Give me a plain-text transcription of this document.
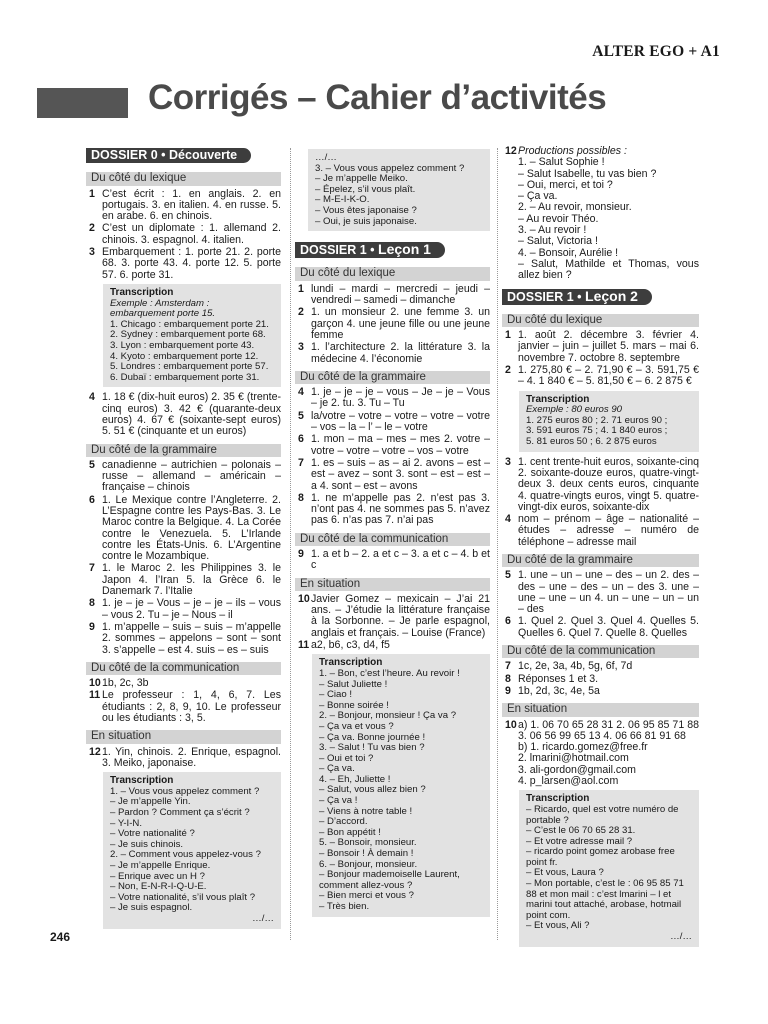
ALTER EGO + A1
Corrigés – Cahier d’activités
DOSSIER 0 • Découverte
Du côté du lexique
1 C’est écrit : 1. en anglais. 2. en portugais. 3. en italien. 4. en russe. 5. en arabe. 6. en chinois.
2 C’est un diplomate : 1. allemand 2. chinois. 3. espagnol. 4. italien.
3 Embarquement : 1. porte 21. 2. porte 68. 3. porte 43. 4. porte 12. 5. porte 57. 6. porte 31.
Transcription
Exemple : Amsterdam : embarquement porte 15.
1. Chicago : embarquement porte 21.
2. Sydney : embarquement porte 68.
3. Lyon : embarquement porte 43.
4. Kyoto : embarquement porte 12.
5. Londres : embarquement porte 57.
6. Dubaï : embarquement porte 31.
4 1. 18 € (dix-huit euros) 2. 35 € (trente-cinq euros) 3. 42 € (quarante-deux euros) 4. 67 € (soixante-sept euros) 5. 51 € (cinquante et un euros)
Du côté de la grammaire
5 canadienne – autrichien – polonais – russe – allemand – américain – française – chinois
6 1. Le Mexique contre l’Angleterre. 2. L’Espagne contre les Pays-Bas. 3. Le Maroc contre la Belgique. 4. La Corée contre le Venezuela. 5. L’Irlande contre les États-Unis. 6. L’Argentine contre le Mozambique.
7 1. le Maroc 2. les Philippines 3. le Japon 4. l’Iran 5. la Grèce 6. le Danemark 7. l’Italie
8 1. je – je – Vous – je – je – ils – vous – vous 2. Tu – je – Nous – il
9 1. m’appelle – suis – suis – m’appelle 2. sommes – appelons – sont – sont 3. s’appelle – est 4. suis – es – suis
Du côté de la communication
10 1b, 2c, 3b
11 Le professeur : 1, 4, 6, 7. Les étudiants : 2, 8, 9, 10. Le professeur ou les étudiants : 3, 5.
En situation
12 1. Yin, chinois. 2. Enrique, espagnol. 3. Meiko, japonaise.
Transcription
1. – Vous vous appelez comment ?
– Je m’appelle Yin.
– Pardon ? Comment ça s’écrit ?
– Y-I-N.
– Votre nationalité ?
– Je suis chinois.
2. – Comment vous appelez-vous ?
– Je m’appelle Enrique.
– Enrique avec un H ?
– Non, E-N-R-I-Q-U-E.
– Votre nationalité, s’il vous plaît ?
– Je suis espagnol.
…/…
…/…
3. – Vous vous appelez comment ?
– Je m’appelle Meiko.
– Épelez, s’il vous plaît.
– M-E-I-K-O.
– Vous êtes japonaise ?
– Oui, je suis japonaise.
DOSSIER 1 • Leçon 1
Du côté du lexique
1 lundi – mardi – mercredi – jeudi – vendredi – samedi – dimanche
2 1. un monsieur 2. une femme 3. un garçon 4. une jeune fille ou une jeune femme
3 1. l’architecture 2. la littérature 3. la médecine 4. l’économie
Du côté de la grammaire
4 1. je – je – je – vous – Je – je – Vous – je 2. tu. 3. Tu – Tu
5 la/votre – votre – votre – votre – votre – vos – la – l’ – le – votre
6 1. mon – ma – mes – mes 2. votre – votre – votre – votre – vos – votre
7 1. es – suis – as – ai 2. avons – est – est – avez – sont 3. sont – est – est – a 4. sont – est – avons
8 1. ne m’appelle pas 2. n’est pas 3. n’ont pas 4. ne sommes pas 5. n’avez pas 6. n’as pas 7. n’ai pas
Du côté de la communication
9 1. a et b – 2. a et c – 3. a et c – 4. b et c
En situation
10 Javier Gomez – mexicain – J’ai 21 ans. – J’étudie la littérature française à la Sorbonne. – Je parle espagnol, anglais et français. – Louise (France)
11 a2, b6, c3, d4, f5
Transcription
1. – Bon, c’est l’heure. Au revoir !
– Salut Juliette !
– Ciao !
– Bonne soirée !
2. – Bonjour, monsieur ! Ça va ?
– Ça va et vous ?
– Ça va. Bonne journée !
3. – Salut ! Tu vas bien ?
– Oui et toi ?
– Ça va.
4. – Eh, Juliette !
– Salut, vous allez bien ?
– Ça va !
– Viens à notre table !
– D’accord.
– Bon appétit !
5. – Bonsoir, monsieur.
– Bonsoir ! À demain !
6. – Bonjour, monsieur.
– Bonjour mademoiselle Laurent, comment allez-vous ?
– Bien merci et vous ?
– Très bien.
12 Productions possibles :
1. – Salut Sophie !
– Salut Isabelle, tu vas bien ?
– Oui, merci, et toi ?
– Ça va.
2. – Au revoir, monsieur.
– Au revoir Théo.
3. – Au revoir !
– Salut, Victoria !
4. – Bonsoir, Aurélie !
– Salut, Mathilde et Thomas, vous allez bien ?
DOSSIER 1 • Leçon 2
Du côté du lexique
1 1. août 2. décembre 3. février 4. janvier – juin – juillet 5. mars – mai 6. novembre 7. octobre 8. septembre
2 1. 275,80 € – 2. 71,90 € – 3. 591,75 € – 4. 1 840 € – 5. 81,50 € – 6. 2 875 €
Transcription
Exemple : 80 euros 90
1. 275 euros 80 ; 2. 71 euros 90 ;
3. 591 euros 75 ; 4. 1 840 euros ;
5. 81 euros 50 ; 6. 2 875 euros
3 1. cent trente-huit euros, soixante-cinq 2. soixante-douze euros, quatre-vingt-deux 3. deux cents euros, cinquante 4. quatre-vingts euros, vingt 5. quatre-vingt-dix euros, soixante-dix
4 nom – prénom – âge – nationalité – études – adresse – numéro de téléphone – adresse mail
Du côté de la grammaire
5 1. une – un – une – des – un 2. des – des – une – des – un – des 3. une – une – une – un 4. un – une – un – un – des
6 1. Quel 2. Quel 3. Quel 4. Quelles 5. Quelles 6. Quel 7. Quelle 8. Quelles
Du côté de la communication
7 1c, 2e, 3a, 4b, 5g, 6f, 7d
8 Réponses 1 et 3.
9 1b, 2d, 3c, 4e, 5a
En situation
10 a) 1. 06 70 65 28 31 2. 06 95 85 71 88 3. 06 56 99 65 13 4. 06 66 81 91 68
b) 1. ricardo.gomez@free.fr
2. lmarini@hotmail.com
3. ali-gordon@gmail.com
4. p_larsen@aol.com
Transcription
– Ricardo, quel est votre numéro de portable ?
– C’est le 06 70 65 28 31.
– Et votre adresse mail ?
– ricardo point gomez arobase free point fr.
– Et vous, Laura ?
– Mon portable, c’est le : 06 95 85 71 88 et mon mail : c’est lmarini – l et marini tout attaché, arobase, hotmail point com.
– Et vous, Ali ?
…/…
246
